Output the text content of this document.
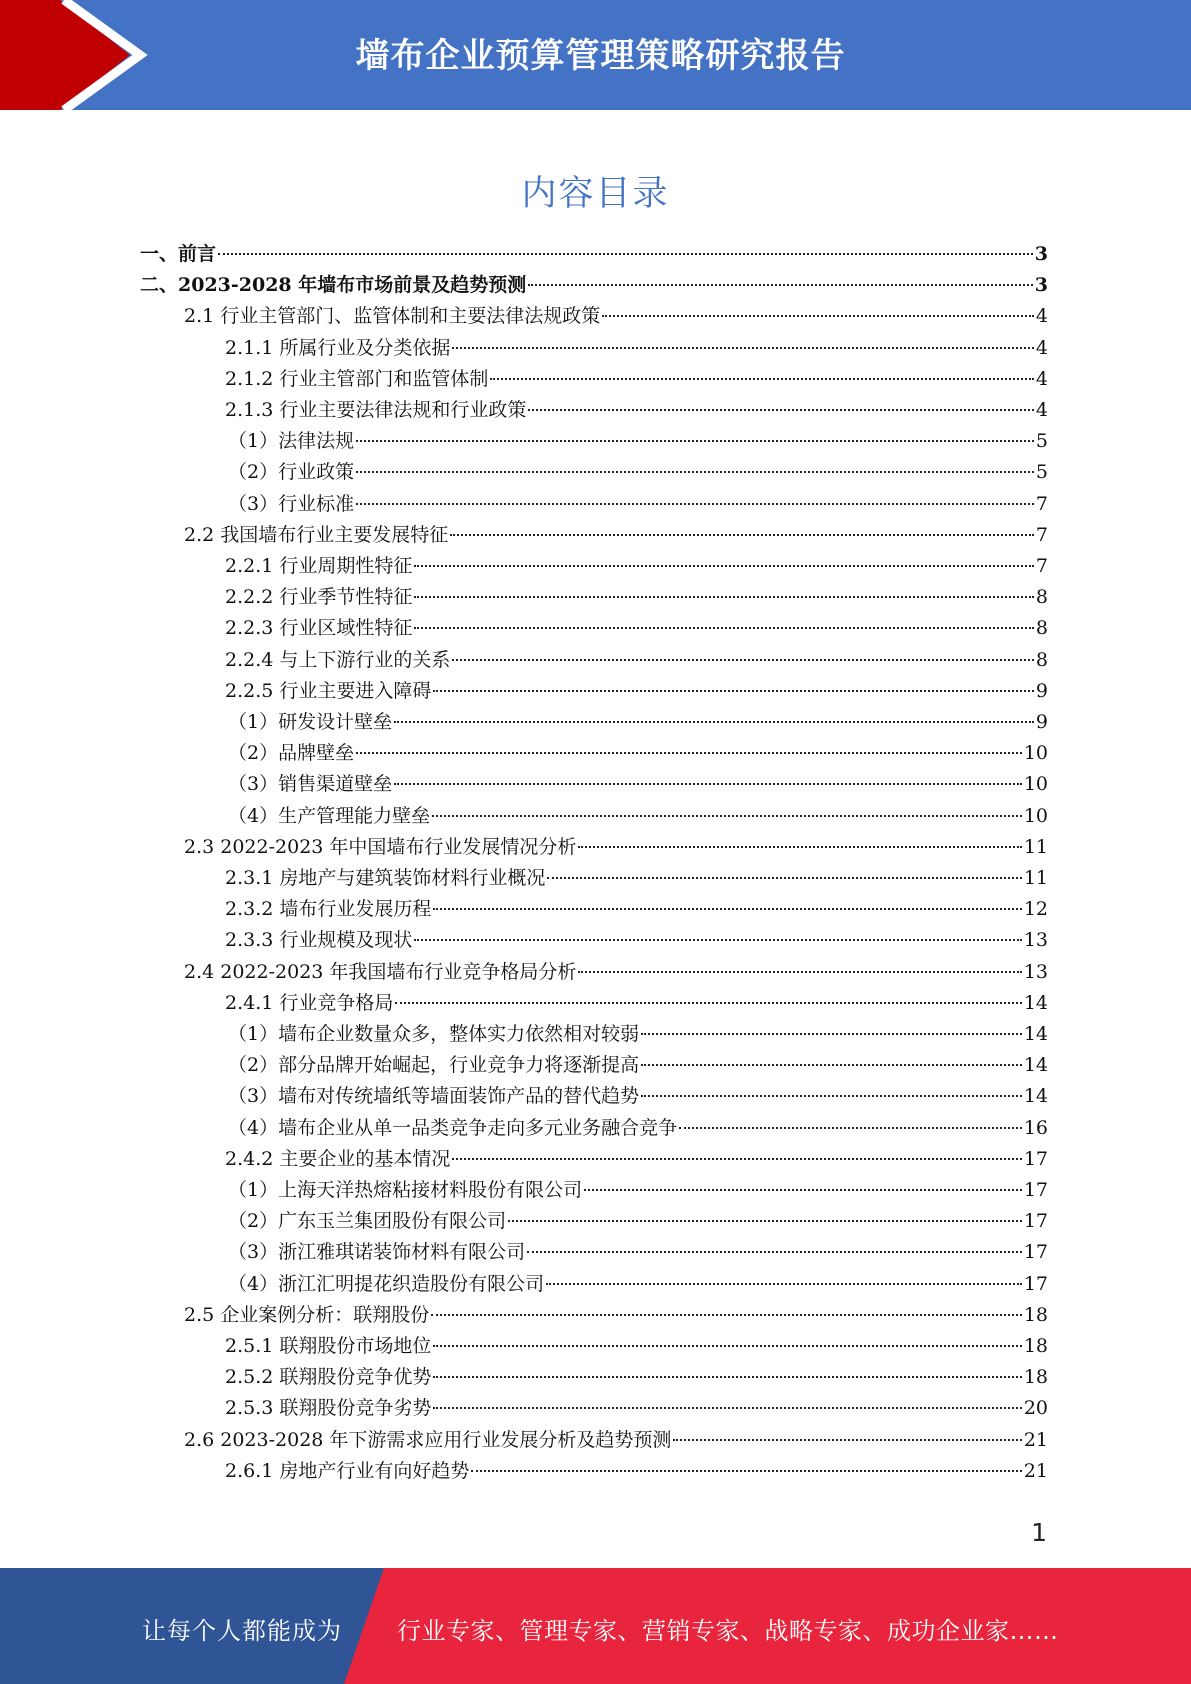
墙布企业预算管理策略研究报告
内容目录
一、前言	3
二、2023-2028 年墙布市场前景及趋势预测	3
2.1 行业主管部门、监管体制和主要法律法规政策	4
2.1.1 所属行业及分类依据	4
2.1.2 行业主管部门和监管体制	4
2.1.3 行业主要法律法规和行业政策	4
（1）法律法规	5
（2）行业政策	5
（3）行业标准	7
2.2 我国墙布行业主要发展特征	7
2.2.1 行业周期性特征	7
2.2.2 行业季节性特征	8
2.2.3 行业区域性特征	8
2.2.4 与上下游行业的关系	8
2.2.5 行业主要进入障碍	9
（1）研发设计壁垒	9
（2）品牌壁垒	10
（3）销售渠道壁垒	10
（4）生产管理能力壁垒	10
2.3 2022-2023 年中国墙布行业发展情况分析	11
2.3.1 房地产与建筑装饰材料行业概况	11
2.3.2 墙布行业发展历程	12
2.3.3 行业规模及现状	13
2.4 2022-2023 年我国墙布行业竞争格局分析	13
2.4.1 行业竞争格局	14
（1）墙布企业数量众多，整体实力依然相对较弱	14
（2）部分品牌开始崛起，行业竞争力将逐渐提高	14
（3）墙布对传统墙纸等墙面装饰产品的替代趋势	14
（4）墙布企业从单一品类竞争走向多元业务融合竞争	16
2.4.2 主要企业的基本情况	17
（1）上海天洋热熔粘接材料股份有限公司	17
（2）广东玉兰集团股份有限公司	17
（3）浙江雅琪诺装饰材料有限公司	17
（4）浙江汇明提花织造股份有限公司	17
2.5 企业案例分析：联翔股份	18
2.5.1 联翔股份市场地位	18
2.5.2 联翔股份竞争优势	18
2.5.3 联翔股份竞争劣势	20
2.6 2023-2028 年下游需求应用行业发展分析及趋势预测	21
2.6.1 房地产行业有向好趋势	21
1
让每个人都能成为 行业专家、管理专家、营销专家、战略专家、成功企业家……
